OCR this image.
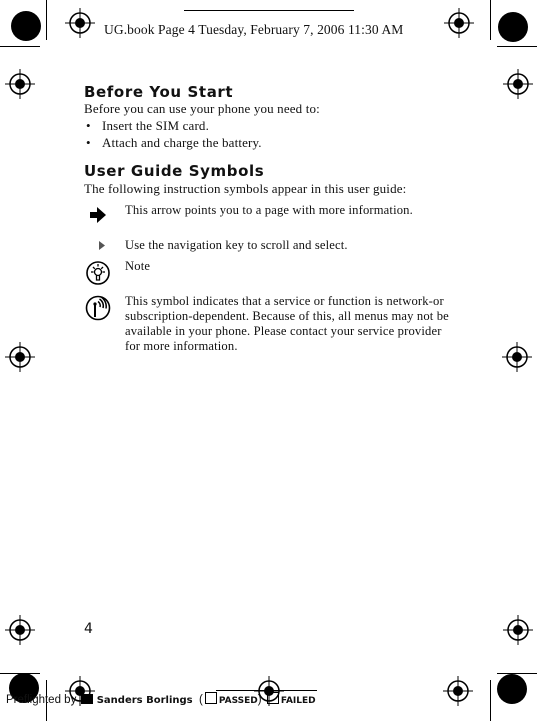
UG.book Page 4 Tuesday, February 7, 2006 11:30 AM
Before You Start
Before you can use your phone you need to:
• Insert the SIM card.
• Attach and charge the battery.
User Guide Symbols
The following instruction symbols appear in this user guide:
This arrow points you to a page with more information.
Use the navigation key to scroll and select.
Note
This symbol indicates that a service or function is network-or subscription-dependent. Because of this, all menus may not be available in your phone. Please contact your service provider for more information.
4
Preflighted by Sanders Borlings ( PASSED) FAILED
